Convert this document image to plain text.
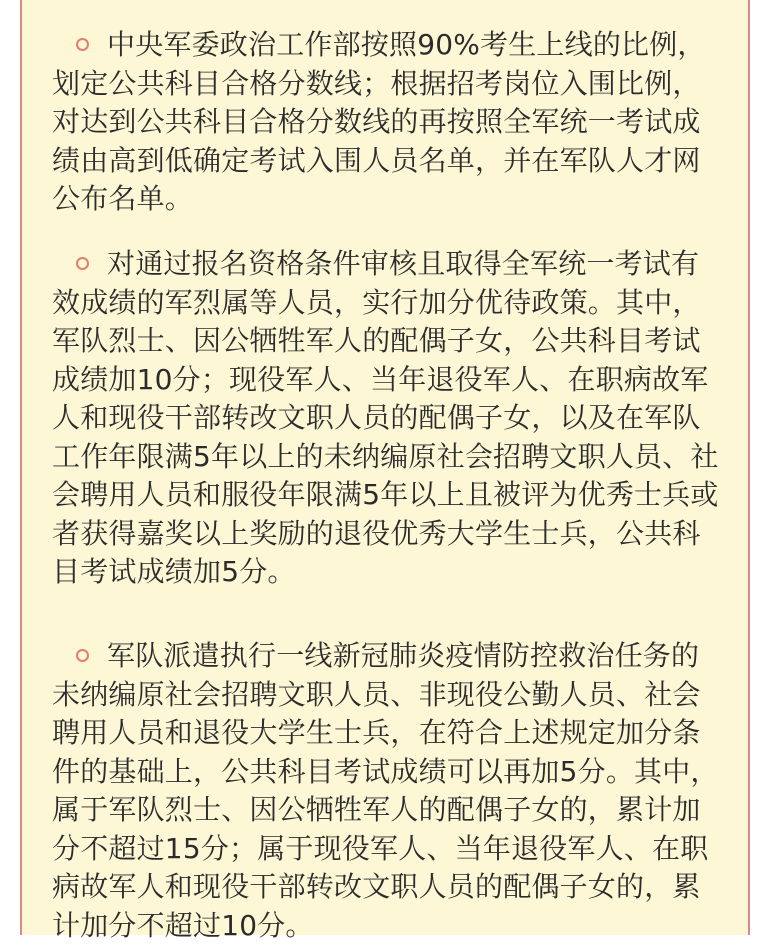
中央军委政治工作部按照90%考生上线的比例，划定公共科目合格分数线；根据招考岗位入围比例，对达到公共科目合格分数线的再按照全军统一考试成绩由高到低确定考试入围人员名单，并在军队人才网公布名单。

对通过报名资格条件审核且取得全军统一考试有效成绩的军烈属等人员，实行加分优待政策。其中，军队烈士、因公牺牲军人的配偶子女，公共科目考试成绩加10分；现役军人、当年退役军人、在职病故军人和现役干部转改文职人员的配偶子女，以及在军队工作年限满5年以上的未纳编原社会招聘文职人员、社会聘用人员和服役年限满5年以上且被评为优秀士兵或者获得嘉奖以上奖励的退役优秀大学生士兵，公共科目考试成绩加5分。

军队派遣执行一线新冠肺炎疫情防控救治任务的未纳编原社会招聘文职人员、非现役公勤人员、社会聘用人员和退役大学生士兵，在符合上述规定加分条件的基础上，公共科目考试成绩可以再加5分。其中，属于军队烈士、因公牺牲军人的配偶子女的，累计加分不超过15分；属于现役军人、当年退役军人、在职病故军人和现役干部转改文职人员的配偶子女的，累计加分不超过10分。
